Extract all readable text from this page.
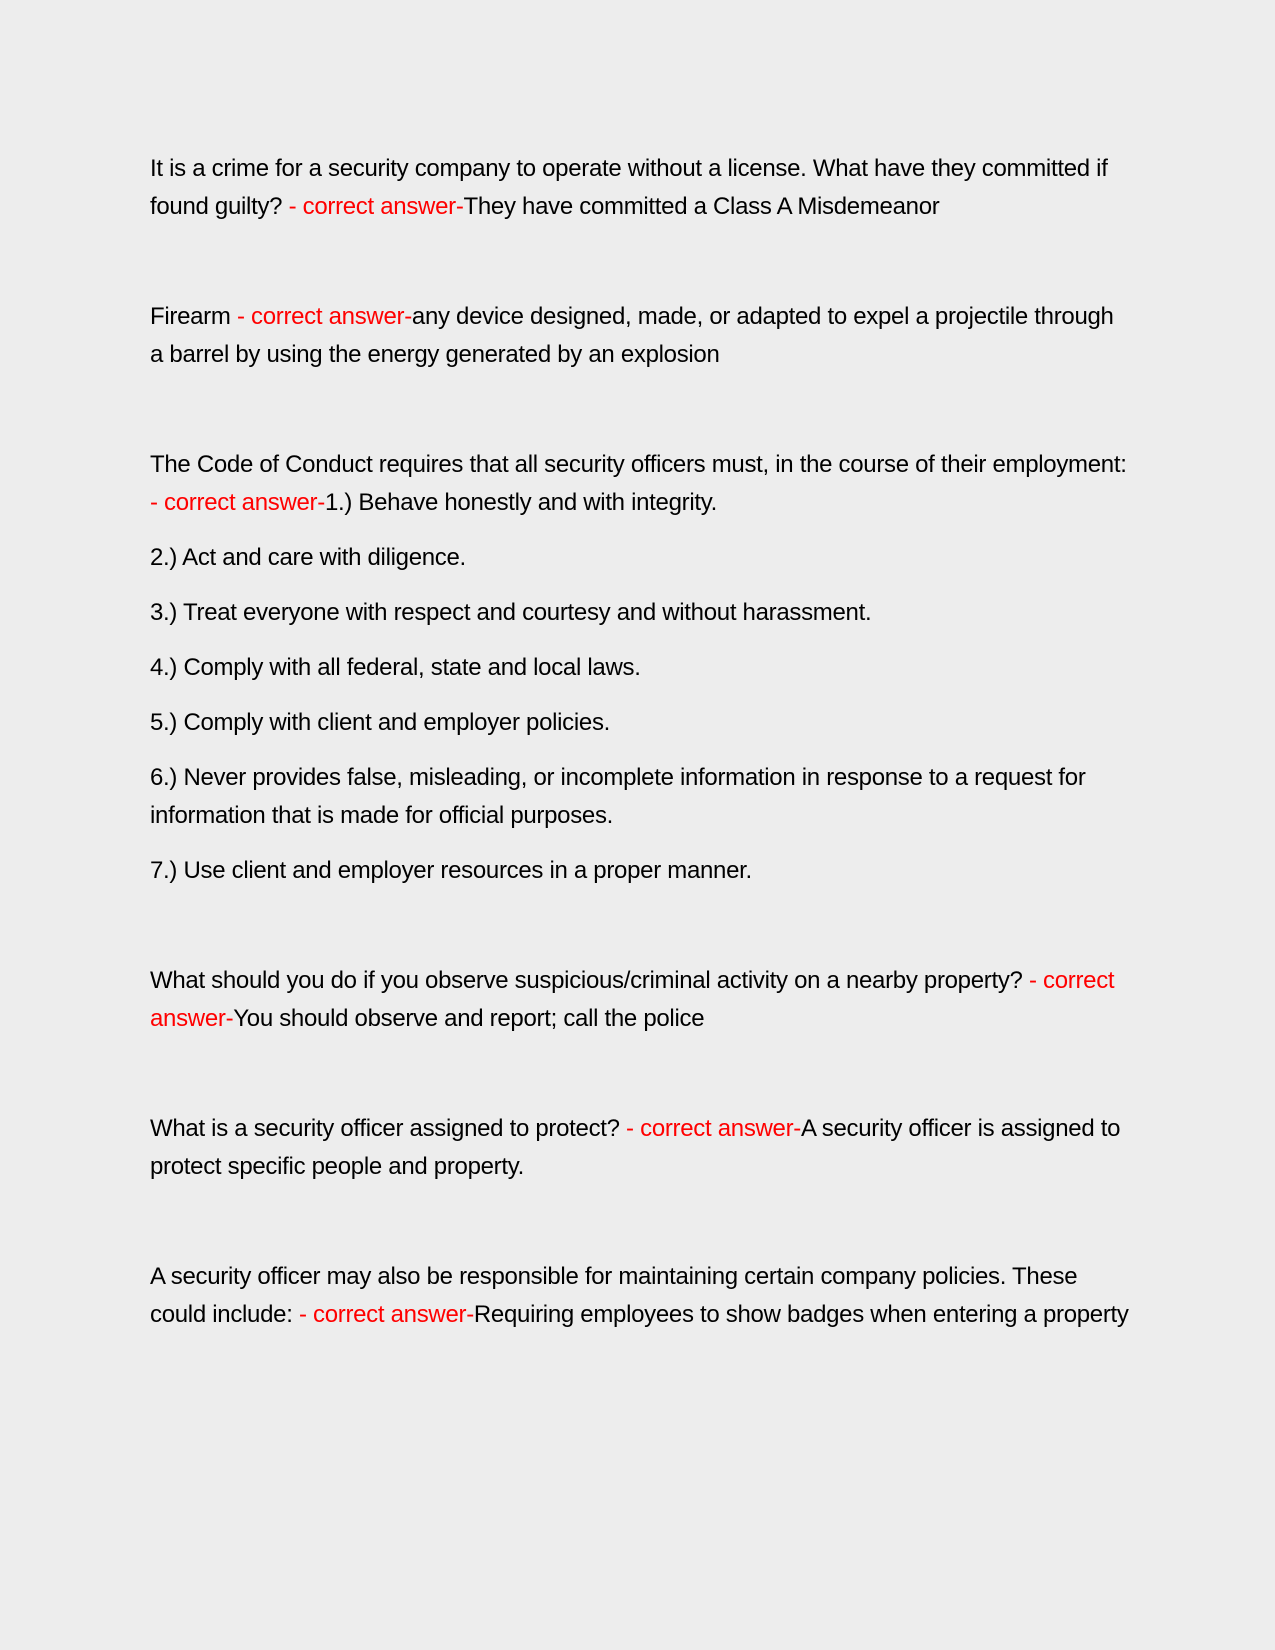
It is a crime for a security company to operate without a license. What have they committed if found guilty? - correct answer-They have committed a Class A Misdemeanor
Firearm - correct answer-any device designed, made, or adapted to expel a projectile through a barrel by using the energy generated by an explosion
The Code of Conduct requires that all security officers must, in the course of their employment: - correct answer-1.) Behave honestly and with integrity.
2.) Act and care with diligence.
3.) Treat everyone with respect and courtesy and without harassment.
4.) Comply with all federal, state and local laws.
5.) Comply with client and employer policies.
6.) Never provides false, misleading, or incomplete information in response to a request for information that is made for official purposes.
7.) Use client and employer resources in a proper manner.
What should you do if you observe suspicious/criminal activity on a nearby property? - correct answer-You should observe and report; call the police
What is a security officer assigned to protect? - correct answer-A security officer is assigned to protect specific people and property.
A security officer may also be responsible for maintaining certain company policies. These could include: - correct answer-Requiring employees to show badges when entering a property
